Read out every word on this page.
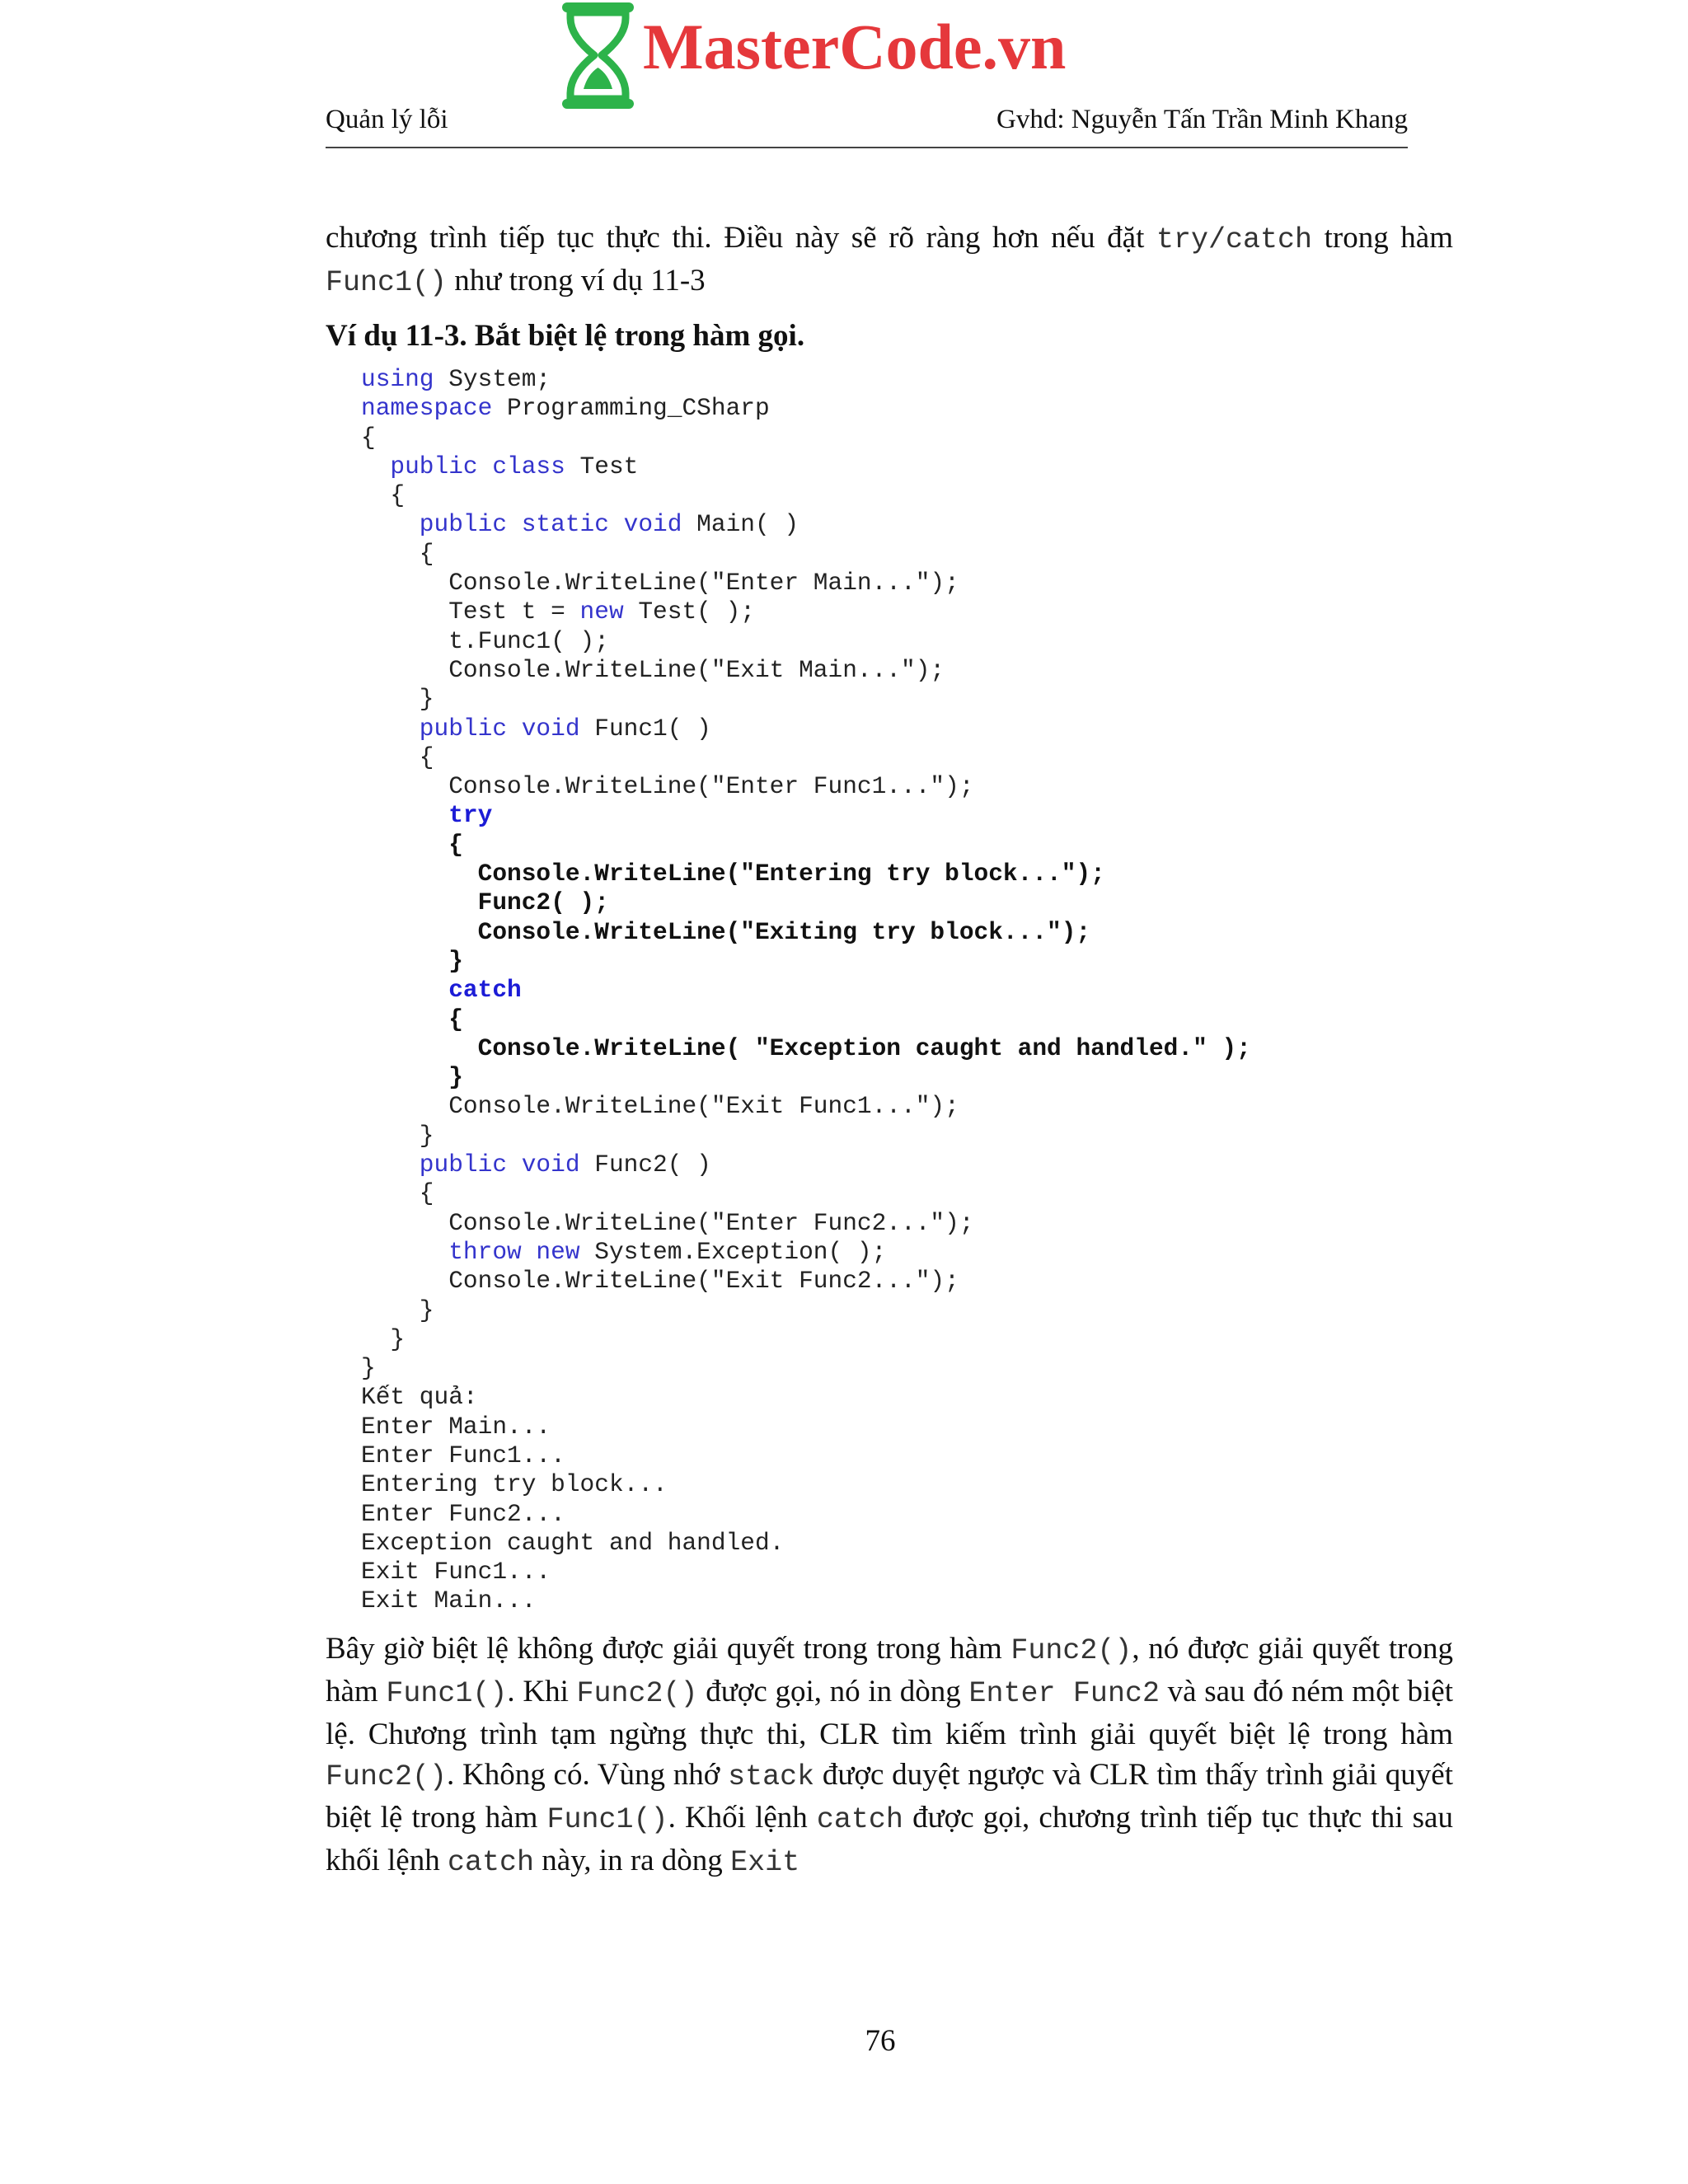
MasterCode.vn
Quản lý lỗi	Gvhd: Nguyễn Tấn Trần Minh Khang
chương trình tiếp tục thực thi. Điều này sẽ rõ ràng hơn nếu đặt try/catch trong hàm Func1() như trong ví dụ 11-3
Ví dụ 11-3. Bắt biệt lệ trong hàm gọi.
using System;
namespace Programming_CSharp
{
public class Test
{
public static void Main( )
{
Console.WriteLine("Enter Main...");
Test t = new Test( );
t.Func1( );
Console.WriteLine("Exit Main...");
}
public void Func1( )
{
Console.WriteLine("Enter Func1...");
try
{
Console.WriteLine("Entering try block...");
Func2( );
Console.WriteLine("Exiting try block...");
}
catch
{
Console.WriteLine( "Exception caught and handled." );
}
Console.WriteLine("Exit Func1...");
}
public void Func2( )
{
Console.WriteLine("Enter Func2...");
throw new System.Exception( );
Console.WriteLine("Exit Func2...");
}
}
}
Kết quả:
Enter Main...
Enter Func1...
Entering try block...
Enter Func2...
Exception caught and handled.
Exit Func1...
Exit Main...
Bây giờ biệt lệ không được giải quyết trong trong hàm Func2(), nó được giải quyết trong hàm Func1(). Khi Func2() được gọi, nó in dòng Enter Func2 và sau đó ném một biệt lệ. Chương trình tạm ngừng thực thi, CLR tìm kiếm trình giải quyết biệt lệ trong hàm Func2(). Không có. Vùng nhớ stack được duyệt ngược và CLR tìm thấy trình giải quyết biệt lệ trong hàm Func1(). Khối lệnh catch được gọi, chương trình tiếp tục thực thi sau khối lệnh catch này, in ra dòng Exit
76
